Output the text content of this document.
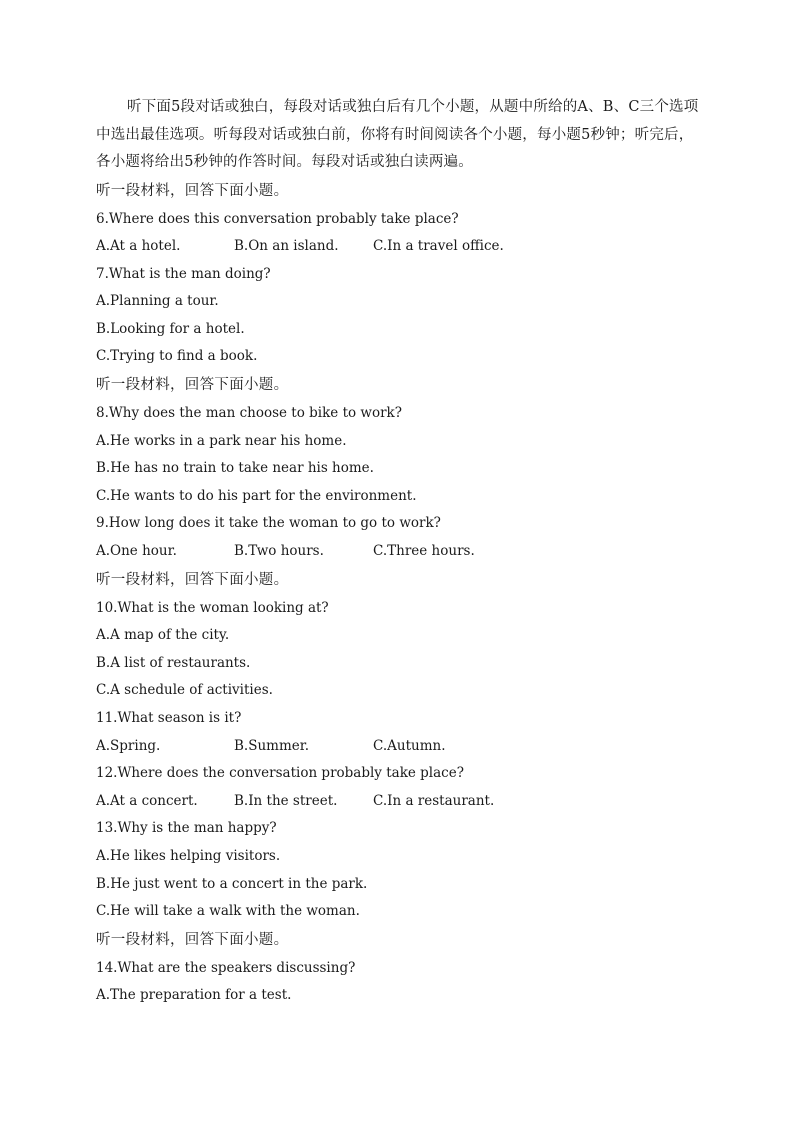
听下面5段对话或独白，每段对话或独白后有几个小题，从题中所给的A、B、C三个选项中选出最佳选项。听每段对话或独白前，你将有时间阅读各个小题，每小题5秒钟；听完后，各小题将给出5秒钟的作答时间。每段对话或独白读两遍。

听一段材料，回答下面小题。
6.Where does this conversation probably take place?
A.At a hotel.	B.On an island.	C.In a travel office.
7.What is the man doing?
A.Planning a tour.
B.Looking for a hotel.
C.Trying to find a book.
听一段材料，回答下面小题。
8.Why does the man choose to bike to work?
A.He works in a park near his home.
B.He has no train to take near his home.
C.He wants to do his part for the environment.
9.How long does it take the woman to go to work?
A.One hour.	B.Two hours.	C.Three hours.
听一段材料，回答下面小题。
10.What is the woman looking at?
A.A map of the city.
B.A list of restaurants.
C.A schedule of activities.
11.What season is it?
A.Spring.	B.Summer.	C.Autumn.
12.Where does the conversation probably take place?
A.At a concert.	B.In the street.	C.In a restaurant.
13.Why is the man happy?
A.He likes helping visitors.
B.He just went to a concert in the park.
C.He will take a walk with the woman.
听一段材料，回答下面小题。
14.What are the speakers discussing?
A.The preparation for a test.
